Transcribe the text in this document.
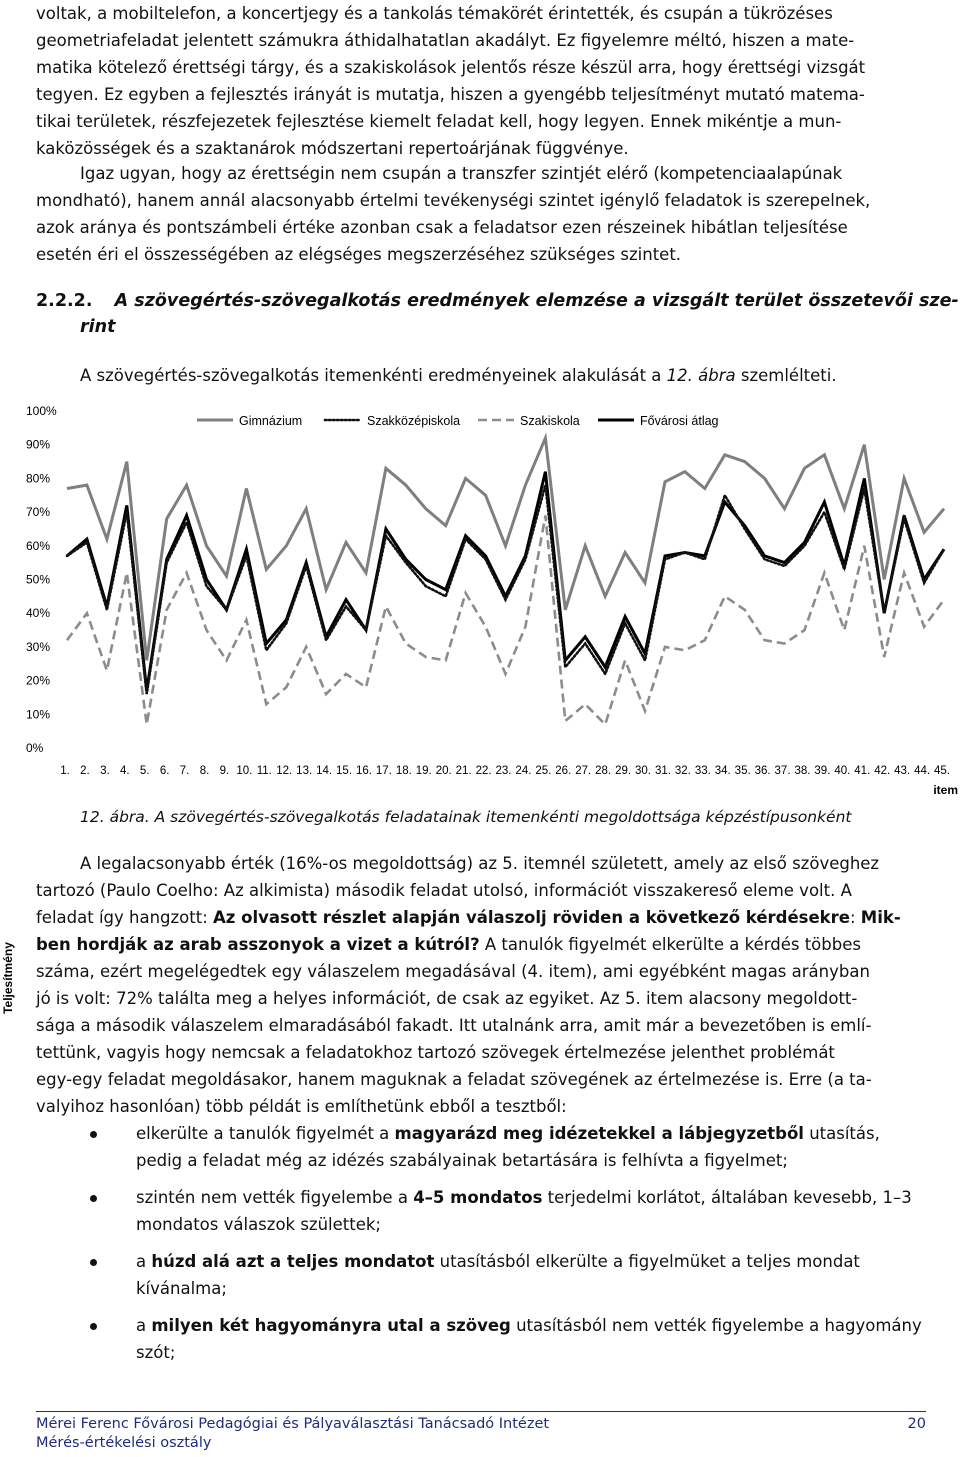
voltak, a mobiltelefon, a koncertjegy és a tankolás témakörét érintették, és csupán a tükrözéses
geometriafeladat jelentett számukra áthidalhatatlan akadályt. Ez figyelemre méltó, hiszen a mate-
matika kötelező érettségi tárgy, és a szakiskolások jelentős része készül arra, hogy érettségi vizsgát
tegyen. Ez egyben a fejlesztés irányát is mutatja, hiszen a gyengébb teljesítményt mutató matema-
tikai területek, részfejezetek fejlesztése kiemelt feladat kell, hogy legyen. Ennek mikéntje a mun-
kaközösségek és a szaktanárok módszertani repertoárjának függvénye.
Igaz ugyan, hogy az érettségin nem csupán a transzfer szintjét elérő (kompetenciaalapúnak
mondható), hanem annál alacsonyabb értelmi tevékenységi szintet igénylő feladatok is szerepelnek,
azok aránya és pontszámbeli értéke azonban csak a feladatsor ezen részeinek hibátlan teljesítése
esetén éri el összességében az elégséges megszerzéséhez szükséges szintet.
2.2.2. A szövegértés-szövegalkotás eredmények elemzése a vizsgált terület összetevői sze-
rint
A szövegértés-szövegalkotás itemenkénti eredményeinek alakulását a 12. ábra szemlélteti.
0%
10%
20%
30%
40%
50%
60%
70%
80%
90%
100%
1. 2. 3. 4. 5. 6. 7. 8. 9. 10. 11. 12. 13. 14. 15. 16. 17. 18. 19. 20. 21. 22. 23. 24. 25. 26. 27. 28. 29. 30. 31. 32. 33. 34. 35. 36. 37. 38. 39. 40. 41. 42. 43. 44. 45.
Gimnázium	Szakközépiskola	Szakiskola	Fővárosi átlag
Teljesítmény
item
12. ábra. A szövegértés-szövegalkotás feladatainak itemenkénti megoldottsága képzéstípusonként
A legalacsonyabb érték (16%-os megoldottság) az 5. itemnél született, amely az első szöveghez
tartozó (Paulo Coelho: Az alkimista) második feladat utolsó, információt visszakereső eleme volt. A
feladat így hangzott: Az olvasott részlet alapján válaszolj röviden a következő kérdésekre: Mik-
ben hordják az arab asszonyok a vizet a kútról? A tanulók figyelmét elkerülte a kérdés többes
száma, ezért megelégedtek egy válaszelem megadásával (4. item), ami egyébként magas arányban
jó is volt: 72% találta meg a helyes információt, de csak az egyiket. Az 5. item alacsony megoldott-
sága a második válaszelem elmaradásából fakadt. Itt utalnánk arra, amit már a bevezetőben is emlí-
tettünk, vagyis hogy nemcsak a feladatokhoz tartozó szövegek értelmezése jelenthet problémát
egy-egy feladat megoldásakor, hanem maguknak a feladat szövegének az értelmezése is. Erre (a ta-
valyihoz hasonlóan) több példát is említhetünk ebből a tesztből:
elkerülte a tanulók figyelmét a magyarázd meg idézetekkel a lábjegyzetből utasítás, pedig a feladat még az idézés szabályainak betartására is felhívta a figyelmet;
szintén nem vették figyelembe a 4–5 mondatos terjedelmi korlátot, általában kevesebb, 1–3 mondatos válaszok születtek;
a húzd alá azt a teljes mondatot utasításból elkerülte a figyelmüket a teljes mondat kívánalma;
a milyen két hagyományra utal a szöveg utasításból nem vették figyelembe a hagyomány szót;
Mérei Ferenc Fővárosi Pedagógiai és Pályaválasztási Tanácsadó Intézet
Mérés-értékelési osztály
20
